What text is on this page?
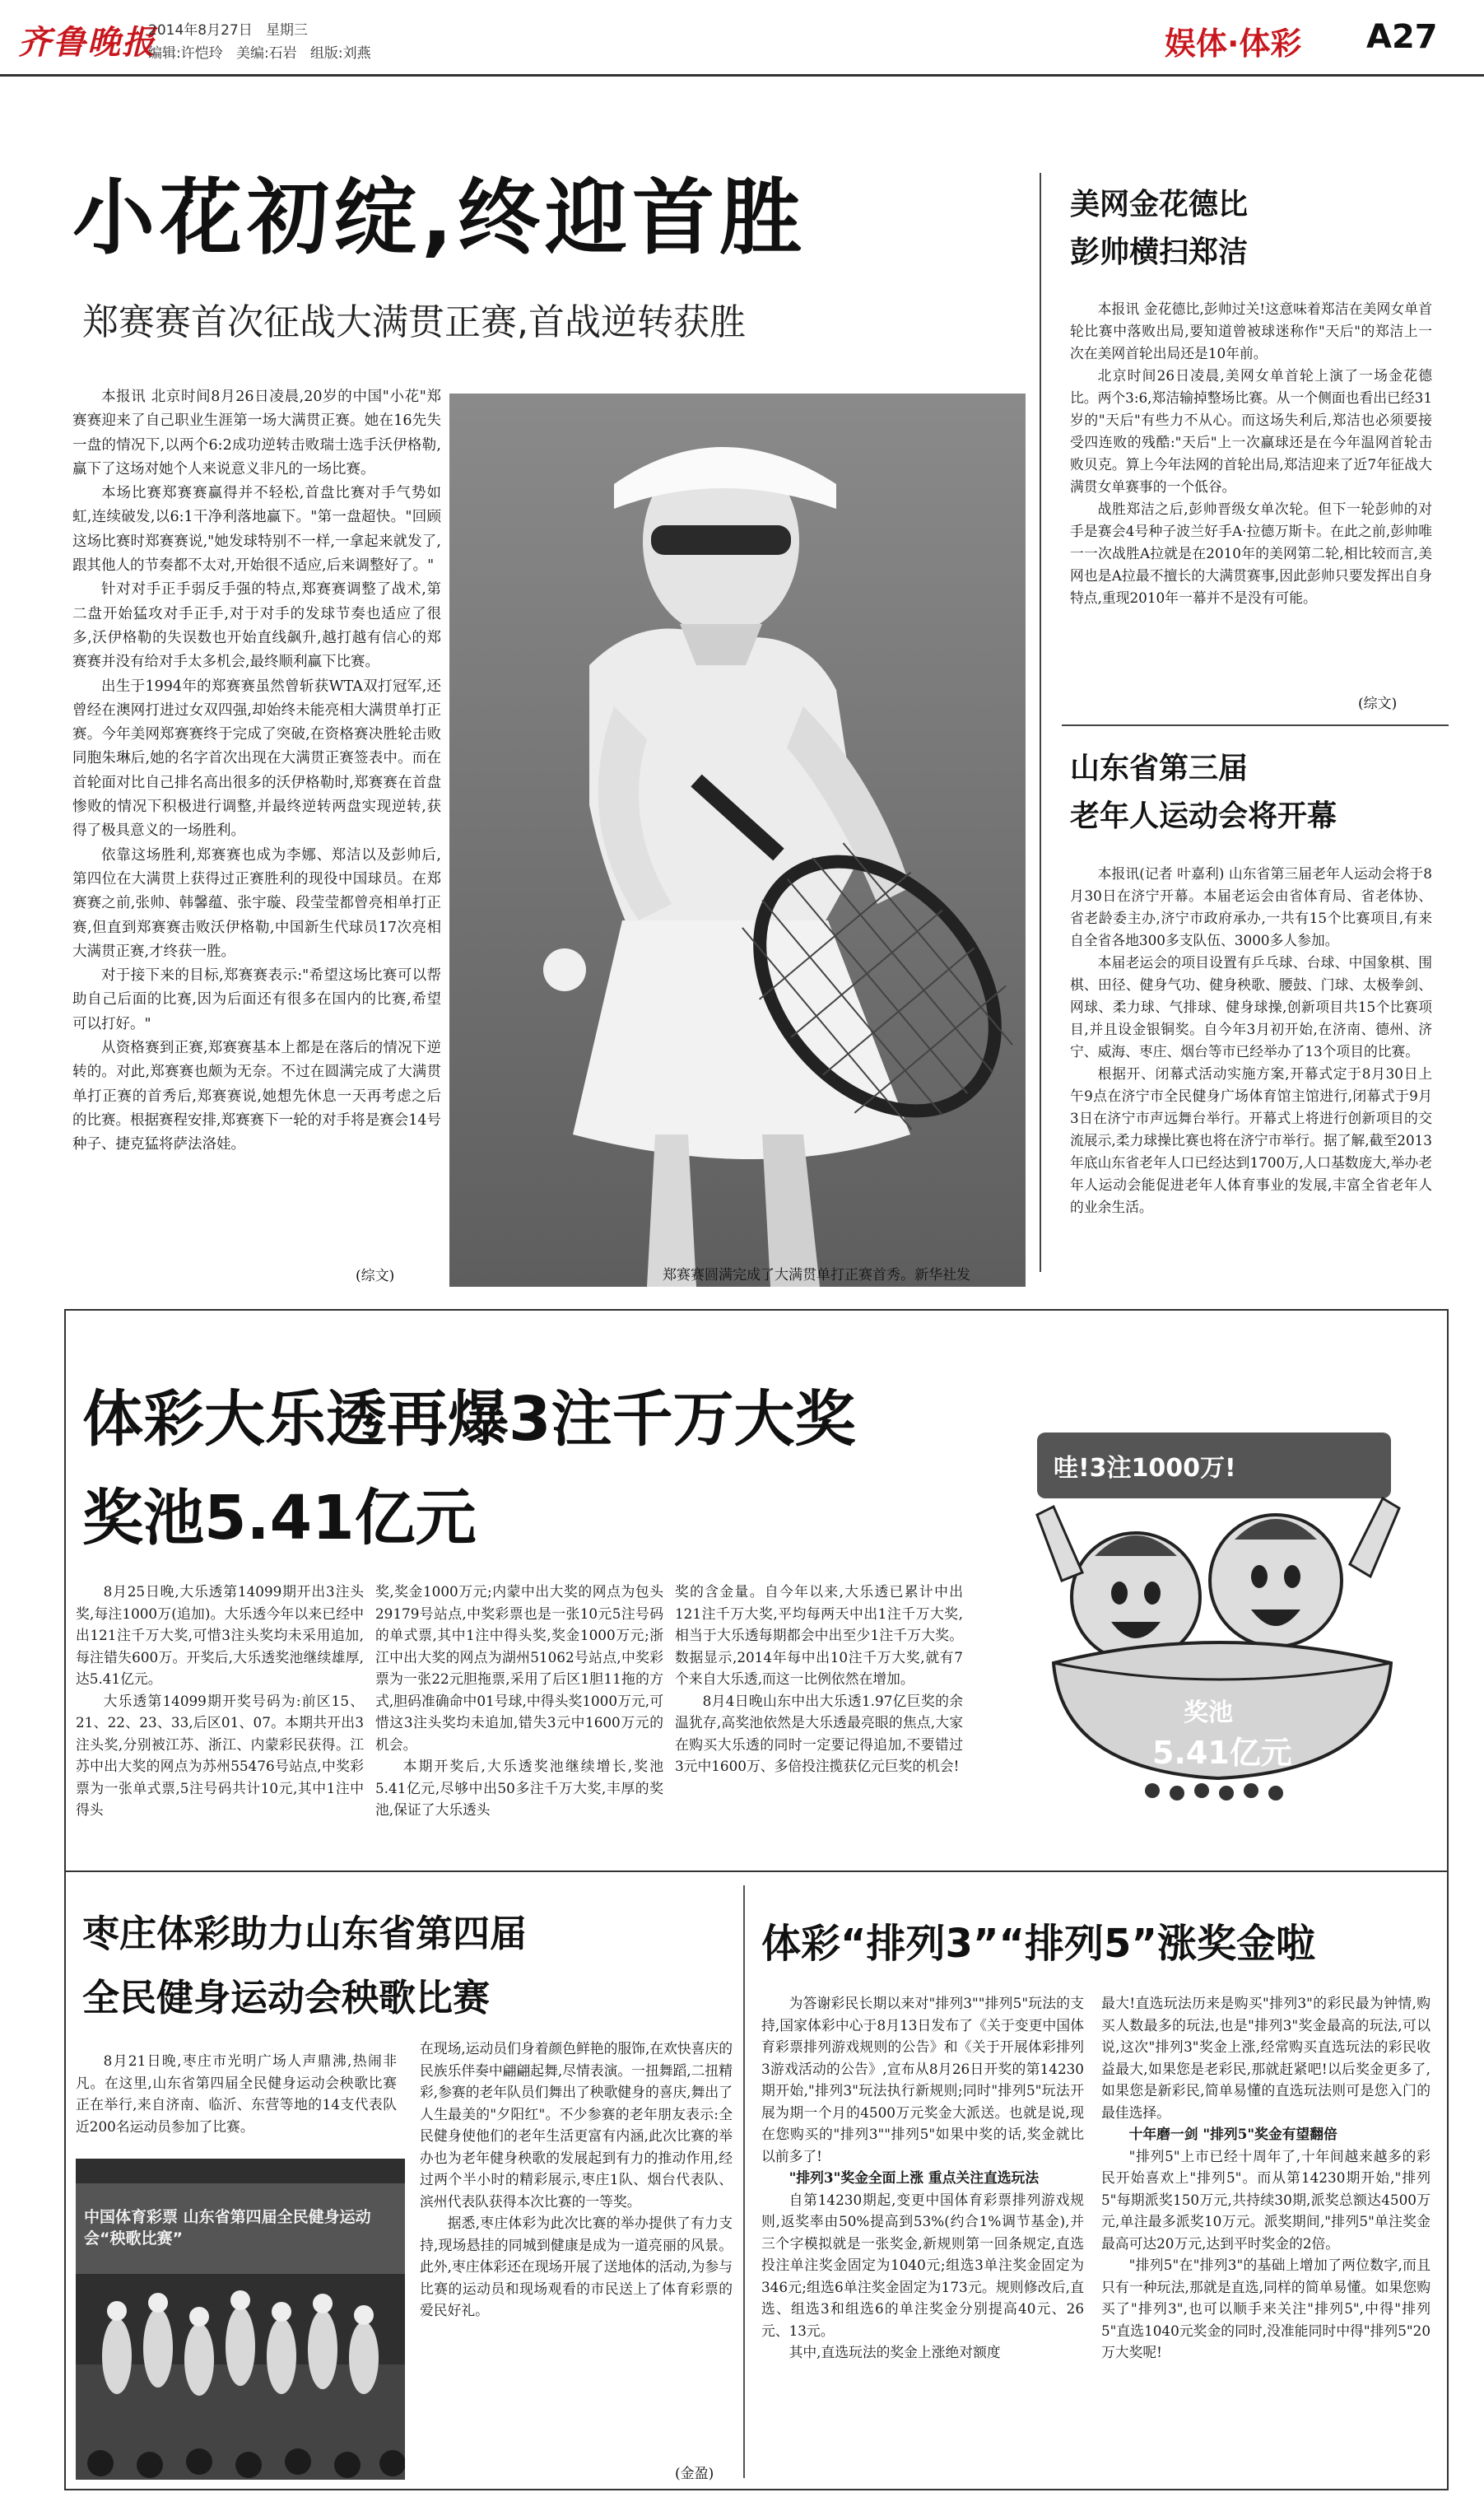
齐鲁晚报
2014年8月27日 星期三
编辑:许恺玲 美编:石岩 组版:刘燕	娱体·体彩 A27
小花初绽,终迎首胜
郑赛赛首次征战大满贯正赛,首战逆转获胜

本报讯 北京时间8月26日凌晨,20岁的中国"小花"郑赛赛迎来了自己职业生涯第一场大满贯正赛。她在16先失一盘的情况下,以两个6:2成功逆转击败瑞士选手沃伊格勒,赢下了这场对她个人来说意义非凡的一场比赛。

本场比赛郑赛赛赢得并不轻松,首盘比赛对手气势如虹,连续破发,以6:1干净利落地赢下。"第一盘超快。"回顾这场比赛时郑赛赛说,"她发球特别不一样,一拿起来就发了,跟其他人的节奏都不太对,开始很不适应,后来调整好了。"

针对对手正手弱反手强的特点,郑赛赛调整了战术,第二盘开始猛攻对手正手,对于对手的发球节奏也适应了很多,沃伊格勒的失误数也开始直线飙升,越打越有信心的郑赛赛并没有给对手太多机会,最终顺利赢下比赛。

出生于1994年的郑赛赛虽然曾斩获WTA双打冠军,还曾经在澳网打进过女双四强,却始终未能亮相大满贯单打正赛。今年美网郑赛赛终于完成了突破,在资格赛决胜轮击败同胞朱琳后,她的名字首次出现在大满贯正赛签表中。而在首轮面对比自己排名高出很多的沃伊格勒时,郑赛赛在首盘惨败的情况下积极进行调整,并最终逆转两盘实现逆转,获得了极具意义的一场胜利。

依靠这场胜利,郑赛赛也成为李娜、郑洁以及彭帅后,第四位在大满贯上获得过正赛胜利的现役中国球员。在郑赛赛之前,张帅、韩馨蕴、张宇璇、段莹莹都曾亮相单打正赛,但直到郑赛赛击败沃伊格勒,中国新生代球员17次亮相大满贯正赛,才终获一胜。

对于接下来的目标,郑赛赛表示:"希望这场比赛可以帮助自己后面的比赛,因为后面还有很多在国内的比赛,希望可以打好。"

从资格赛到正赛,郑赛赛基本上都是在落后的情况下逆转的。对此,郑赛赛也颇为无奈。不过在圆满完成了大满贯单打正赛的首秀后,郑赛赛说,她想先休息一天再考虑之后的比赛。根据赛程安排,郑赛赛下一轮的对手将是赛会14号种子、捷克猛将萨法洛娃。

(综文)	郑赛赛圆满完成了大满贯单打正赛首秀。新华社发
美网金花德比
彭帅横扫郑洁

本报讯 金花德比,彭帅过关!这意味着郑洁在美网女单首轮比赛中落败出局,要知道曾被球迷称作"天后"的郑洁上一次在美网首轮出局还是10年前。

北京时间26日凌晨,美网女单首轮上演了一场金花德比。两个3:6,郑洁输掉整场比赛。从一个侧面也看出已经31岁的"天后"有些力不从心。而这场失利后,郑洁也必须要接受四连败的残酷:"天后"上一次赢球还是在今年温网首轮击败贝克。算上今年法网的首轮出局,郑洁迎来了近7年征战大满贯女单赛事的一个低谷。

战胜郑洁之后,彭帅晋级女单次轮。但下一轮彭帅的对手是赛会4号种子波兰好手A·拉德万斯卡。在此之前,彭帅唯一一次战胜A拉就是在2010年的美网第二轮,相比较而言,美网也是A拉最不擅长的大满贯赛事,因此彭帅只要发挥出自身特点,重现2010年一幕并不是没有可能。

(综文)
山东省第三届
老年人运动会将开幕

本报讯(记者 叶嘉利) 山东省第三届老年人运动会将于8月30日在济宁开幕。本届老运会由省体育局、省老体协、省老龄委主办,济宁市政府承办,一共有15个比赛项目,有来自全省各地300多支队伍、3000多人参加。

本届老运会的项目设置有乒乓球、台球、中国象棋、围棋、田径、健身气功、健身秧歌、腰鼓、门球、太极拳剑、网球、柔力球、气排球、健身球操,创新项目共15个比赛项目,并且设金银铜奖。自今年3月初开始,在济南、德州、济宁、威海、枣庄、烟台等市已经举办了13个项目的比赛。

根据开、闭幕式活动实施方案,开幕式定于8月30日上午9点在济宁市全民健身广场体育馆主馆进行,闭幕式于9月3日在济宁市声远舞台举行。开幕式上将进行创新项目的交流展示,柔力球操比赛也将在济宁市举行。据了解,截至2013年底山东省老年人口已经达到1700万,人口基数庞大,举办老年人运动会能促进老年人体育事业的发展,丰富全省老年人的业余生活。

体彩大乐透再爆3注千万大奖
奖池5.41亿元

8月25日晚,大乐透第14099期开出3注头奖,每注1000万(追加)。大乐透今年以来已经中出121注千万大奖,可惜3注头奖均未采用追加,每注错失600万。开奖后,大乐透奖池继续雄厚,达5.41亿元。

大乐透第14099期开奖号码为:前区15、21、22、23、33,后区01、07。本期共开出3注头奖,分别被江苏、浙江、内蒙彩民获得。江苏中出大奖的网点为苏州55476号站点,中奖彩票为一张单式票,5注号码共计10元,其中1注中得头

奖,奖金1000万元;内蒙中出大奖的网点为包头29179号站点,中奖彩票也是一张10元5注号码的单式票,其中1注中得头奖,奖金1000万元;浙江中出大奖的网点为湖州51062号站点,中奖彩票为一张22元胆拖票,采用了后区1胆11拖的方式,胆码准确命中01号球,中得头奖1000万元,可惜这3注头奖均未追加,错失3元中1600万元的机会。

本期开奖后,大乐透奖池继续增长,奖池5.41亿元,尽够中出50多注千万大奖,丰厚的奖池,保证了大乐透头

奖的含金量。自今年以来,大乐透已累计中出121注千万大奖,平均每两天中出1注千万大奖,相当于大乐透每期都会中出至少1注千万大奖。数据显示,2014年每中出10注千万大奖,就有7个来自大乐透,而这一比例依然在增加。

8月4日晚山东中出大乐透1.97亿巨奖的余温犹存,高奖池依然是大乐透最亮眼的焦点,大家在购买大乐透的同时一定要记得追加,不要错过3元中1600万、多倍投注揽获亿元巨奖的机会!

哇!3注1000万!
奖池
5.41亿元
枣庄体彩助力山东省第四届
全民健身运动会秧歌比赛

8月21日晚,枣庄市光明广场人声鼎沸,热闹非凡。在这里,山东省第四届全民健身运动会秧歌比赛正在举行,来自济南、临沂、东营等地的14支代表队近200名运动员参加了比赛。

中国体育彩票 山东省第四届全民健身运动会“秧歌比赛”

在现场,运动员们身着颜色鲜艳的服饰,在欢快喜庆的民族乐伴奏中翩翩起舞,尽情表演。一扭舞蹈,二扭精彩,参赛的老年队员们舞出了秧歌健身的喜庆,舞出了人生最美的"夕阳红"。不少参赛的老年朋友表示:全民健身使他们的老年生活更富有内涵,此次比赛的举办也为老年健身秧歌的发展起到有力的推动作用,经过两个半小时的精彩展示,枣庄1队、烟台代表队、滨州代表队获得本次比赛的一等奖。

据悉,枣庄体彩为此次比赛的举办提供了有力支持,现场悬挂的同城到健康是成为一道亮丽的风景。此外,枣庄体彩还在现场开展了送地体的活动,为参与比赛的运动员和现场观看的市民送上了体育彩票的爱民好礼。

(金盈)
体彩“排列3”“排列5”涨奖金啦

为答谢彩民长期以来对"排列3""排列5"玩法的支持,国家体彩中心于8月13日发布了《关于变更中国体育彩票排列游戏规则的公告》和《关于开展体彩排列3游戏活动的公告》,宣布从8月26日开奖的第14230期开始,"排列3"玩法执行新规则;同时"排列5"玩法开展为期一个月的4500万元奖金大派送。也就是说,现在您购买的"排列3""排列5"如果中奖的话,奖金就比以前多了!

"排列3"奖金全面上涨 重点关注直选玩法

自第14230期起,变更中国体育彩票排列游戏规则,返奖率由50%提高到53%(约合1%调节基金),并三个字模拟就是一张奖金,新规则第一回条规定,直选投注单注奖金固定为1040元;组选3单注奖金固定为346元;组选6单注奖金固定为173元。规则修改后,直选、组选3和组选6的单注奖金分别提高40元、26元、13元。

其中,直选玩法的奖金上涨绝对额度

最大!直选玩法历来是购买"排列3"的彩民最为钟情,购买人数最多的玩法,也是"排列3"奖金最高的玩法,可以说,这次"排列3"奖金上涨,经常购买直选玩法的彩民收益最大,如果您是老彩民,那就赶紧吧!以后奖金更多了,如果您是新彩民,简单易懂的直选玩法则可是您入门的最佳选择。

十年磨一剑 "排列5"奖金有望翻倍

"排列5"上市已经十周年了,十年间越来越多的彩民开始喜欢上"排列5"。而从第14230期开始,"排列5"每期派奖150万元,共持续30期,派奖总额达4500万元,单注最多派奖10万元。派奖期间,"排列5"单注奖金最高可达20万元,达到平时奖金的2倍。

"排列5"在"排列3"的基础上增加了两位数字,而且只有一种玩法,那就是直选,同样的简单易懂。如果您购买了"排列3",也可以顺手来关注"排列5",中得"排列5"直选1040元奖金的同时,没准能同时中得"排列5"20万大奖呢!
